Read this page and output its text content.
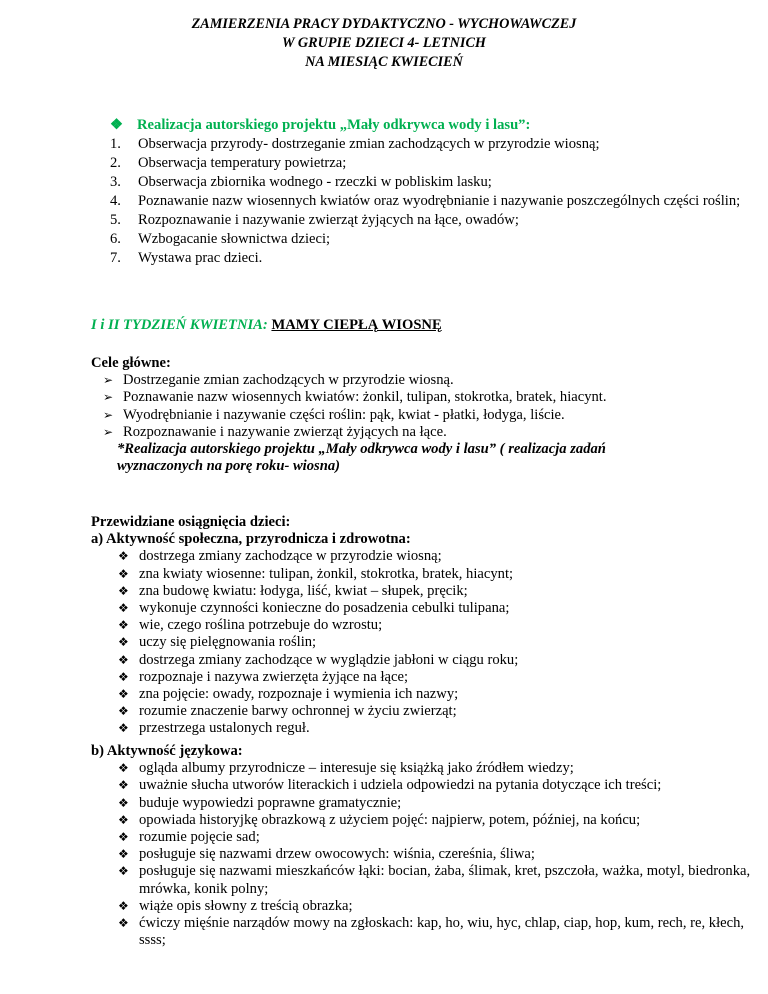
ZAMIERZENIA PRACY DYDAKTYCZNO - WYCHOWAWCZEJ
W GRUPIE DZIECI 4- LETNICH
NA MIESIĄC KWIECIEŃ
❖ Realizacja autorskiego projektu „Mały odkrywca wody i lasu”:
1. Obserwacja przyrody- dostrzeganie zmian zachodzących w przyrodzie wiosną;
2. Obserwacja temperatury powietrza;
3. Obserwacja zbiornika wodnego - rzeczki w pobliskim lasku;
4. Poznawanie nazw wiosennych kwiatów oraz wyodrębnianie i nazywanie poszczególnych części roślin;
5. Rozpoznawanie i nazywanie zwierząt żyjących na łące, owadów;
6. Wzbogacanie słownictwa dzieci;
7. Wystawa prac dzieci.
I i II TYDZIEŃ KWIETNIA: MAMY CIEPŁĄ WIOSNĘ
Cele główne:
➢ Dostrzeganie zmian zachodzących w przyrodzie wiosną.
➢ Poznawanie nazw wiosennych kwiatów: żonkil, tulipan, stokrotka, bratek, hiacynt.
➢ Wyodrębnianie i nazywanie części roślin: pąk, kwiat - płatki, łodyga, liście.
➢ Rozpoznawanie i nazywanie zwierząt żyjących na łące.
*Realizacja autorskiego projektu „Mały odkrywca wody i lasu” ( realizacja zadań
wyznaczonych na porę roku- wiosna)
Przewidziane osiągnięcia dzieci:
a) Aktywność społeczna, przyrodnicza i zdrowotna:
❖ dostrzega zmiany zachodzące w przyrodzie wiosną;
❖ zna kwiaty wiosenne: tulipan, żonkil, stokrotka, bratek, hiacynt;
❖ zna budowę kwiatu: łodyga, liść, kwiat – słupek, pręcik;
❖ wykonuje czynności konieczne do posadzenia cebulki tulipana;
❖ wie, czego roślina potrzebuje do wzrostu;
❖ uczy się pielęgnowania roślin;
❖ dostrzega zmiany zachodzące w wyglądzie jabłoni w ciągu roku;
❖ rozpoznaje i nazywa zwierzęta żyjące na łące;
❖ zna pojęcie: owady, rozpoznaje i wymienia ich nazwy;
❖ rozumie znaczenie barwy ochronnej w życiu zwierząt;
❖ przestrzega ustalonych reguł.
b) Aktywność językowa:
❖ ogląda albumy przyrodnicze – interesuje się książką jako źródłem wiedzy;
❖ uważnie słucha utworów literackich i udziela odpowiedzi na pytania dotyczące ich treści;
❖ buduje wypowiedzi poprawne gramatycznie;
❖ opowiada historyjkę obrazkową z użyciem pojęć: najpierw, potem, później, na końcu;
❖ rozumie pojęcie sad;
❖ posługuje się nazwami drzew owocowych: wiśnia, czereśnia, śliwa;
❖ posługuje się nazwami mieszkańców łąki: bocian, żaba, ślimak, kret, pszczoła, ważka, motyl, biedronka, mrówka, konik polny;
❖ wiąże opis słowny z treścią obrazka;
❖ ćwiczy mięśnie narządów mowy na zgłoskach: kap, ho, wiu, hyc, chlap, ciap, hop, kum, rech, re, kłech, ssss;
